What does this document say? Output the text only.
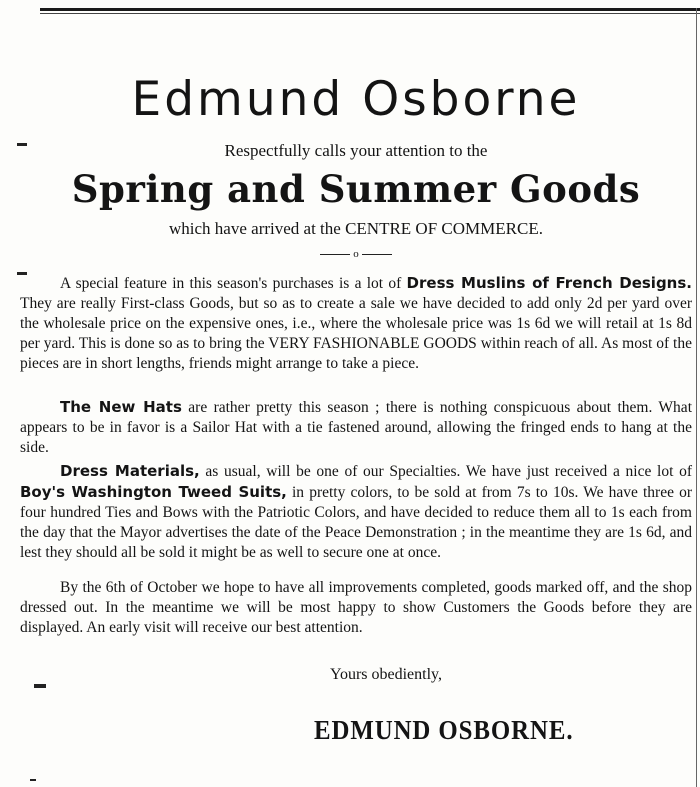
Edmund Osborne
Respectfully calls your attention to the
Spring and Summer Goods
which have arrived at the CENTRE OF COMMERCE.
o

A special feature in this season's purchases is a lot of Dress Muslins of French Designs. They are really First-class Goods, but so as to create a sale we have decided to add only 2d per yard over the wholesale price on the expensive ones, i.e., where the wholesale price was 1s 6d we will retail at 1s 8d per yard. This is done so as to bring the VERY FASHIONABLE GOODS within reach of all. As most of the pieces are in short lengths, friends might arrange to take a piece.

The New Hats are rather pretty this season ; there is nothing conspicuous about them. What appears to be in favor is a Sailor Hat with a tie fastened around, allowing the fringed ends to hang at the side.

Dress Materials, as usual, will be one of our Specialties. We have just received a nice lot of Boy's Washington Tweed Suits, in pretty colors, to be sold at from 7s to 10s. We have three or four hundred Ties and Bows with the Patriotic Colors, and have decided to reduce them all to 1s each from the day that the Mayor advertises the date of the Peace Demonstration ; in the meantime they are 1s 6d, and lest they should all be sold it might be as well to secure one at once.

By the 6th of October we hope to have all improvements completed, goods marked off, and the shop dressed out. In the meantime we will be most happy to show Customers the Goods before they are displayed. An early visit will receive our best attention.

Yours obediently,
EDMUND OSBORNE.
